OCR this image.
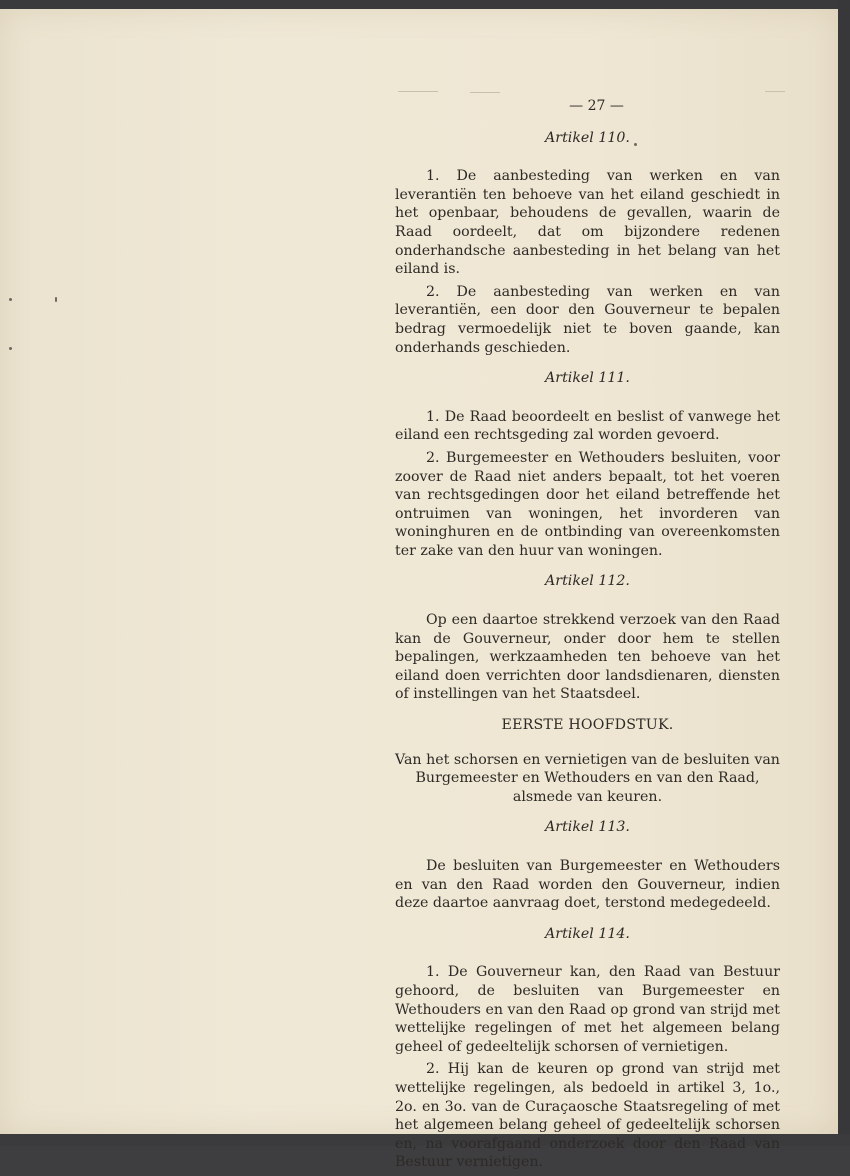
— 27 —
Artikel 110.
1. De aanbesteding van werken en van leverantiën ten behoeve van het eiland geschiedt in het openbaar, behoudens de gevallen, waarin de Raad oordeelt, dat om bijzondere redenen onderhandsche aanbesteding in het belang van het eiland is.
2. De aanbesteding van werken en van leverantiën, een door den Gouverneur te bepalen bedrag vermoedelijk niet te boven gaande, kan onderhands geschieden.
Artikel 111.
1. De Raad beoordeelt en beslist of vanwege het eiland een rechtsgeding zal worden gevoerd.
2. Burgemeester en Wethouders besluiten, voor zoover de Raad niet anders bepaalt, tot het voeren van rechtsgedingen door het eiland betreffende het ontruimen van woningen, het invorderen van woninghuren en de ontbinding van overeenkomsten ter zake van den huur van woningen.
Artikel 112.
Op een daartoe strekkend verzoek van den Raad kan de Gouverneur, onder door hem te stellen bepalingen, werkzaamheden ten behoeve van het eiland doen verrichten door landsdienaren, diensten of instellingen van het Staatsdeel.
EERSTE HOOFDSTUK.
Van het schorsen en vernietigen van de besluiten van Burgemeester en Wethouders en van den Raad, alsmede van keuren.
Artikel 113.
De besluiten van Burgemeester en Wethouders en van den Raad worden den Gouverneur, indien deze daartoe aanvraag doet, terstond medegedeeld.
Artikel 114.
1. De Gouverneur kan, den Raad van Bestuur gehoord, de besluiten van Burgemeester en Wethouders en van den Raad op grond van strijd met wettelijke regelingen of met het algemeen belang geheel of gedeeltelijk schorsen of vernietigen.
2. Hij kan de keuren op grond van strijd met wettelijke regelingen, als bedoeld in artikel 3, 1o., 2o. en 3o. van de Curaçaosche Staatsregeling of met het algemeen belang geheel of gedeeltelijk schorsen en, na voorafgaand onderzoek door den Raad van Bestuur vernietigen.
